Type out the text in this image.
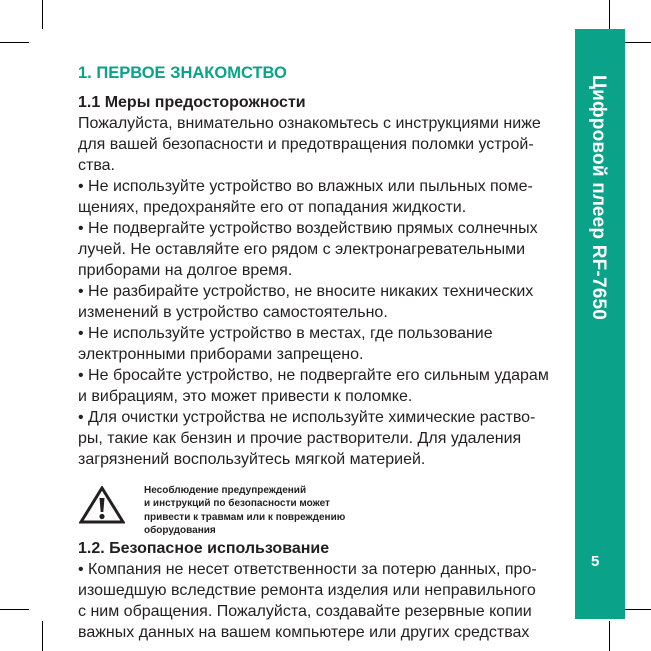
Цифровой плеер RF-7650
5
1. ПЕРВОЕ ЗНАКОМСТВО
1.1 Меры предосторожности
Пожалуйста, внимательно ознакомьтесь с инструкциями ниже
для вашей безопасности и предотвращения поломки устрой-
ства.
• Не используйте устройство во влажных или пыльных поме-
щениях, предохраняйте его от попадания жидкости.
• Не подвергайте устройство воздействию прямых солнечных
лучей. Не оставляйте его рядом с электронагревательными
приборами на долгое время.
• Не разбирайте устройство, не вносите никаких технических
изменений в устройство самостоятельно.
• Не используйте устройство в местах, где пользование
электронными приборами запрещено.
• Не бросайте устройство, не подвергайте его сильным ударам
и вибрациям, это может привести к поломке.
• Для очистки устройства не используйте химические раство-
ры, такие как бензин и прочие растворители. Для удаления
загрязнений воспользуйтесь мягкой материей.
Несоблюдение предупреждений
и инструкций по безопасности может
привести к травмам или к повреждению
оборудования
1.2. Безопасное использование
• Компания не несет ответственности за потерю данных, про-
изошедшую вследствие ремонта изделия или неправильного
с ним обращения. Пожалуйста, создавайте резервные копии
важных данных на вашем компьютере или других средствах
